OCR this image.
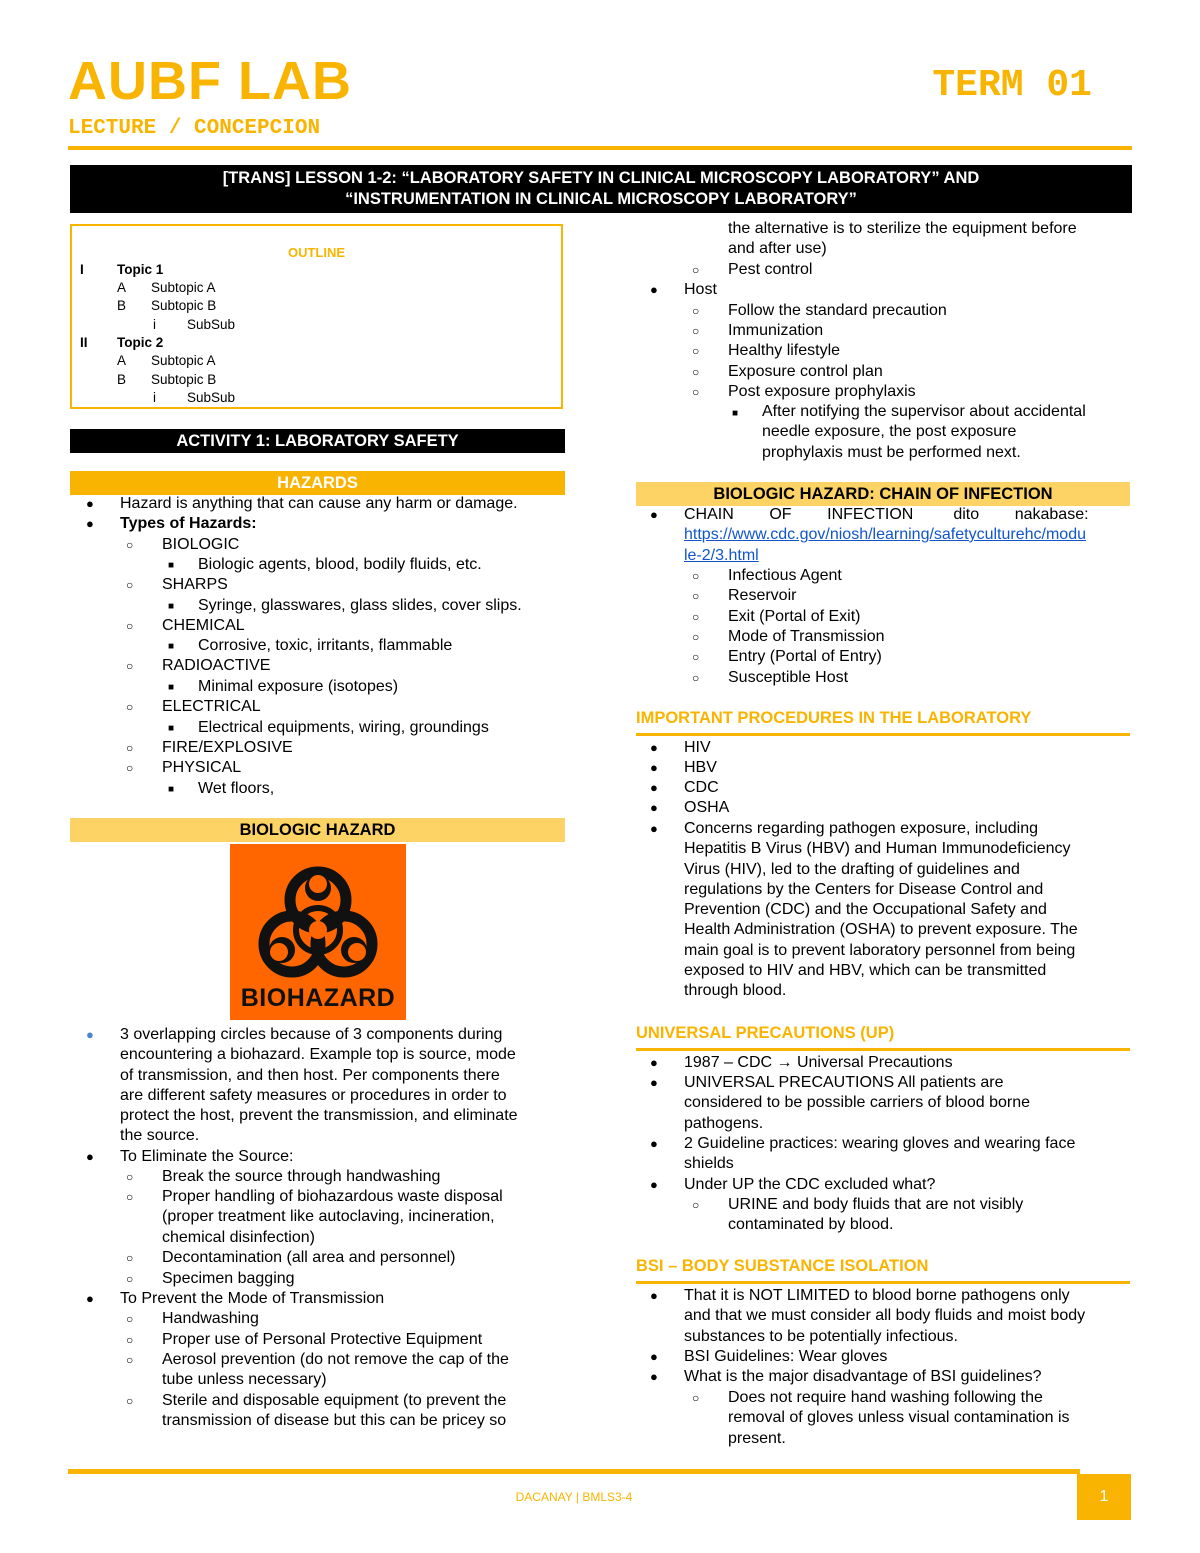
AUBF LAB	TERM 01
LECTURE / CONCEPCION
[TRANS] LESSON 1-2: “LABORATORY SAFETY IN CLINICAL MICROSCOPY LABORATORY” AND
“INSTRUMENTATION IN CLINICAL MICROSCOPY LABORATORY”
OUTLINE
I Topic 1
A Subtopic A
B Subtopic B
i SubSub
II Topic 2
A Subtopic A
B Subtopic B
i SubSub
ACTIVITY 1: LABORATORY SAFETY
HAZARDS
● Hazard is anything that can cause any harm or damage.
● Types of Hazards:
○ BIOLOGIC
■ Biologic agents, blood, bodily fluids, etc.
○ SHARPS
■ Syringe, glasswares, glass slides, cover slips.
○ CHEMICAL
■ Corrosive, toxic, irritants, flammable
○ RADIOACTIVE
■ Minimal exposure (isotopes)
○ ELECTRICAL
■ Electrical equipments, wiring, groundings
○ FIRE/EXPLOSIVE
○ PHYSICAL
■ Wet floors,
BIOLOGIC HAZARD
BIOHAZARD
● 3 overlapping circles because of 3 components during
encountering a biohazard. Example top is source, mode
of transmission, and then host. Per components there
are different safety measures or procedures in order to
protect the host, prevent the transmission, and eliminate
the source.
● To Eliminate the Source:
○ Break the source through handwashing
○ Proper handling of biohazardous waste disposal
(proper treatment like autoclaving, incineration,
chemical disinfection)
○ Decontamination (all area and personnel)
○ Specimen bagging
● To Prevent the Mode of Transmission
○ Handwashing
○ Proper use of Personal Protective Equipment
○ Aerosol prevention (do not remove the cap of the
tube unless necessary)
○ Sterile and disposable equipment (to prevent the
transmission of disease but this can be pricey so
the alternative is to sterilize the equipment before
and after use)
○ Pest control
● Host
○ Follow the standard precaution
○ Immunization
○ Healthy lifestyle
○ Exposure control plan
○ Post exposure prophylaxis
■ After notifying the supervisor about accidental
needle exposure, the post exposure
prophylaxis must be performed next.
BIOLOGIC HAZARD: CHAIN OF INFECTION
● CHAIN        OF        INFECTION         dito        nakabase:
https://www.cdc.gov/niosh/learning/safetyculturehc/modu
le-2/3.html
○ Infectious Agent
○ Reservoir
○ Exit (Portal of Exit)
○ Mode of Transmission
○ Entry (Portal of Entry)
○ Susceptible Host
IMPORTANT PROCEDURES IN THE LABORATORY
● HIV
● HBV
● CDC
● OSHA
● Concerns regarding pathogen exposure, including
Hepatitis B Virus (HBV) and Human Immunodeficiency
Virus (HIV), led to the drafting of guidelines and
regulations by the Centers for Disease Control and
Prevention (CDC) and the Occupational Safety and
Health Administration (OSHA) to prevent exposure. The
main goal is to prevent laboratory personnel from being
exposed to HIV and HBV, which can be transmitted
through blood.
UNIVERSAL PRECAUTIONS (UP)
● 1987 – CDC → Universal Precautions
● UNIVERSAL PRECAUTIONS All patients are
considered to be possible carriers of blood borne
pathogens.
● 2 Guideline practices: wearing gloves and wearing face
shields
● Under UP the CDC excluded what?
○ URINE and body fluids that are not visibly
contaminated by blood.
BSI – BODY SUBSTANCE ISOLATION
● That it is NOT LIMITED to blood borne pathogens only
and that we must consider all body fluids and moist body
substances to be potentially infectious.
● BSI Guidelines: Wear gloves
● What is the major disadvantage of BSI guidelines?
○ Does not require hand washing following the
removal of gloves unless visual contamination is
present.
DACANAY | BMLS3-4	1
